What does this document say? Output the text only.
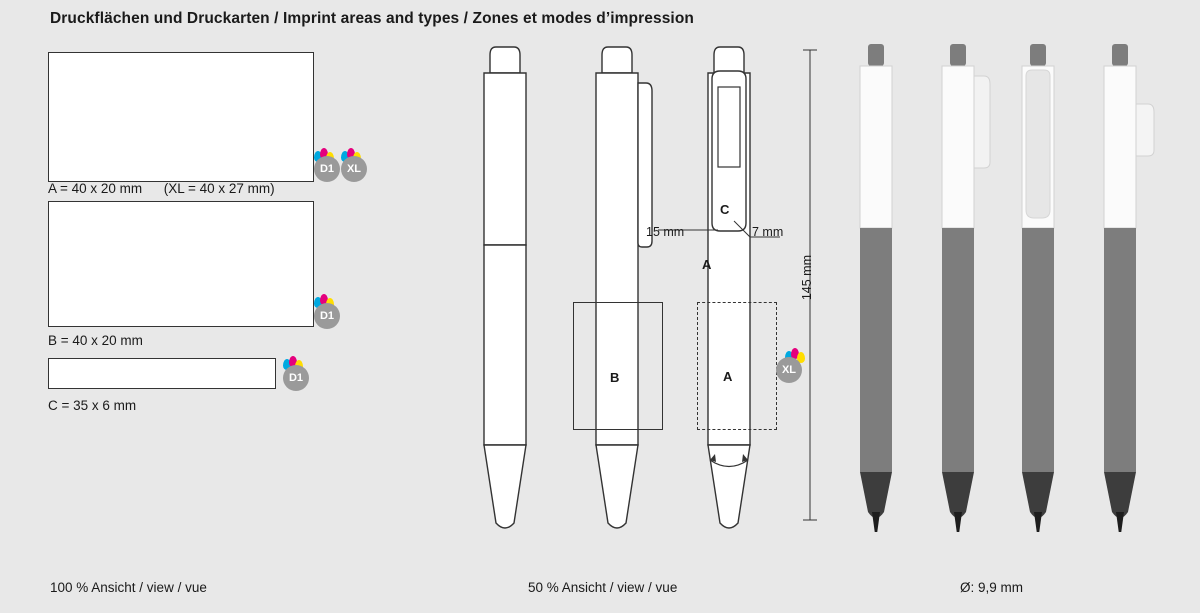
Druckflächen und Druckarten / Imprint areas and types / Zones et modes d’impression
D1	XL
A = 40 x 20 mm (XL = 40 x 27 mm)
D1
B = 40 x 20 mm
D1
C = 35 x 6 mm
B
C
A
A
15 mm	7 mm
XL
145 mm
100 % Ansicht / view / vue	50 % Ansicht / view / vue	Ø: 9,9 mm
